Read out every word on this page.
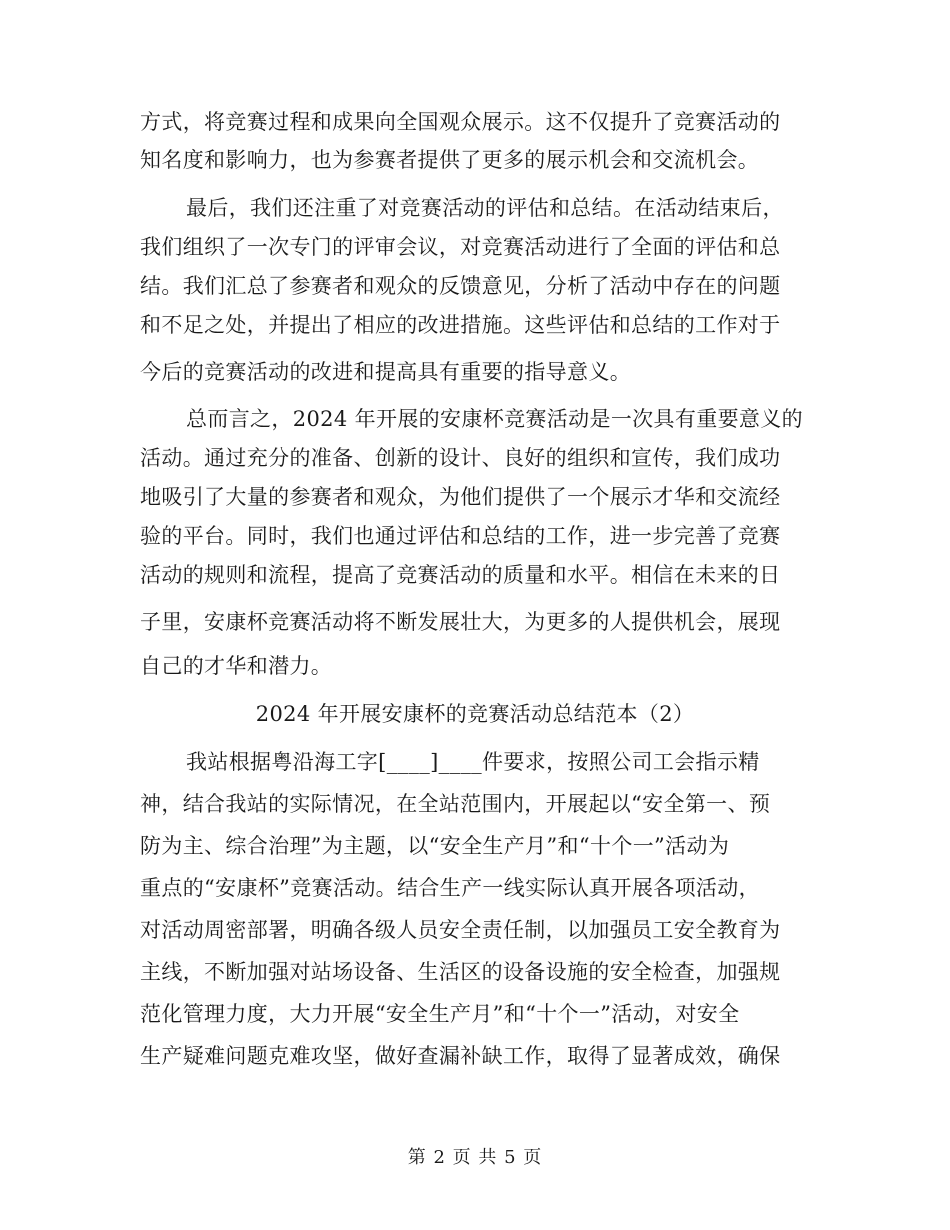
方式，将竞赛过程和成果向全国观众展示。这不仅提升了竞赛活动的
知名度和影响力，也为参赛者提供了更多的展示机会和交流机会。
最后，我们还注重了对竞赛活动的评估和总结。在活动结束后，
我们组织了一次专门的评审会议，对竞赛活动进行了全面的评估和总
结。我们汇总了参赛者和观众的反馈意见，分析了活动中存在的问题
和不足之处，并提出了相应的改进措施。这些评估和总结的工作对于
今后的竞赛活动的改进和提高具有重要的指导意义。
总而言之，2024 年开展的安康杯竞赛活动是一次具有重要意义的
活动。通过充分的准备、创新的设计、良好的组织和宣传，我们成功
地吸引了大量的参赛者和观众，为他们提供了一个展示才华和交流经
验的平台。同时，我们也通过评估和总结的工作，进一步完善了竞赛
活动的规则和流程，提高了竞赛活动的质量和水平。相信在未来的日
子里，安康杯竞赛活动将不断发展壮大，为更多的人提供机会，展现
自己的才华和潜力。
2024 年开展安康杯的竞赛活动总结范本（2）
我站根据粤沿海工字[____]____件要求，按照公司工会指示精
神，结合我站的实际情况，在全站范围内，开展起以“安全第一、预
防为主、综合治理”为主题，以“安全生产月”和“十个一”活动为
重点的“安康杯”竞赛活动。结合生产一线实际认真开展各项活动，
对活动周密部署，明确各级人员安全责任制，以加强员工安全教育为
主线，不断加强对站场设备、生活区的设备设施的安全检查，加强规
范化管理力度，大力开展“安全生产月”和“十个一”活动，对安全
生产疑难问题克难攻坚，做好查漏补缺工作，取得了显著成效，确保
第 2 页 共 5 页
